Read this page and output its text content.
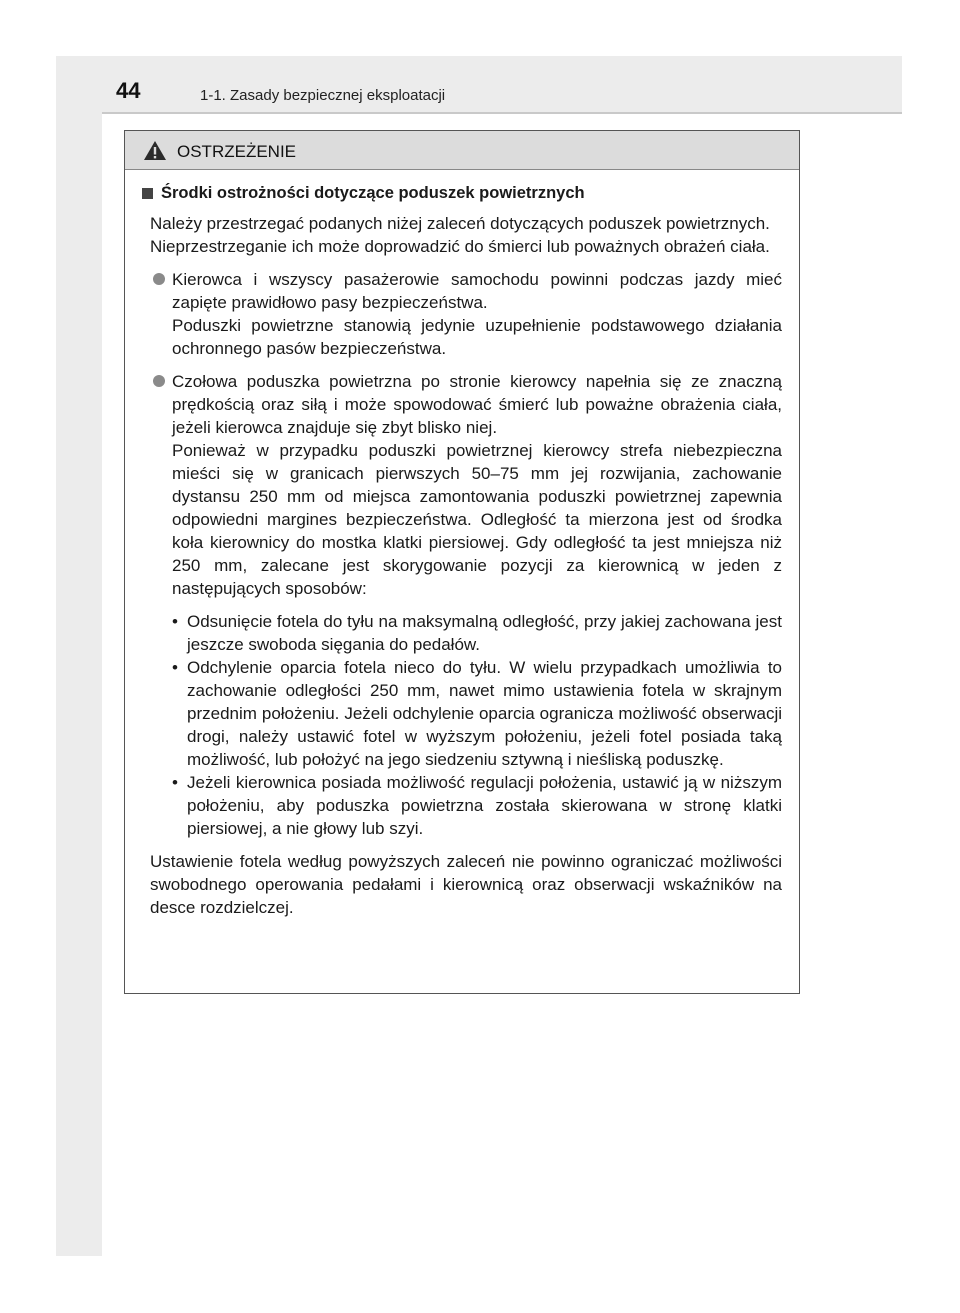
44	1-1. Zasady bezpiecznej eksploatacji
OSTRZEŻENIE
Środki ostrożności dotyczące poduszek powietrznych

Należy przestrzegać podanych niżej zaleceń dotyczących poduszek powietrznych.

Nieprzestrzeganie ich może doprowadzić do śmierci lub poważnych obrażeń ciała.

Kierowca i wszyscy pasażerowie samochodu powinni podczas jazdy mieć zapięte prawidłowo pasy bezpieczeństwa.
Poduszki powietrzne stanowią jedynie uzupełnienie podstawowego działania ochronnego pasów bezpieczeństwa.
Czołowa poduszka powietrzna po stronie kierowcy napełnia się ze znaczną prędkością oraz siłą i może spowodować śmierć lub poważne obrażenia ciała, jeżeli kierowca znajduje się zbyt blisko niej.
Ponieważ w przypadku poduszki powietrznej kierowcy strefa niebezpieczna mieści się w granicach pierwszych 50–75 mm jej rozwijania, zachowanie dystansu 250 mm od miejsca zamontowania poduszki powietrznej zapewnia odpowiedni margines bezpieczeństwa. Odległość ta mierzona jest od środka koła kierownicy do mostka klatki piersiowej. Gdy odległość ta jest mniejsza niż 250 mm, zalecane jest skorygowanie pozycji za kierownicą w jeden z następujących sposobów:
• Odsunięcie fotela do tyłu na maksymalną odległość, przy jakiej zachowana jest jeszcze swoboda sięgania do pedałów.
• Odchylenie oparcia fotela nieco do tyłu. W wielu przypadkach umożliwia to zachowanie odległości 250 mm, nawet mimo ustawienia fotela w skrajnym przednim położeniu. Jeżeli odchylenie oparcia ogranicza możliwość obserwacji drogi, należy ustawić fotel w wyższym położeniu, jeżeli fotel posiada taką możliwość, lub położyć na jego siedzeniu sztywną i nieśliską poduszkę.
• Jeżeli kierownica posiada możliwość regulacji położenia, ustawić ją w niższym położeniu, aby poduszka powietrzna została skierowana w stronę klatki piersiowej, a nie głowy lub szyi.

Ustawienie fotela według powyższych zaleceń nie powinno ograniczać możliwości swobodnego operowania pedałami i kierownicą oraz obserwacji wskaźników na desce rozdzielczej.
